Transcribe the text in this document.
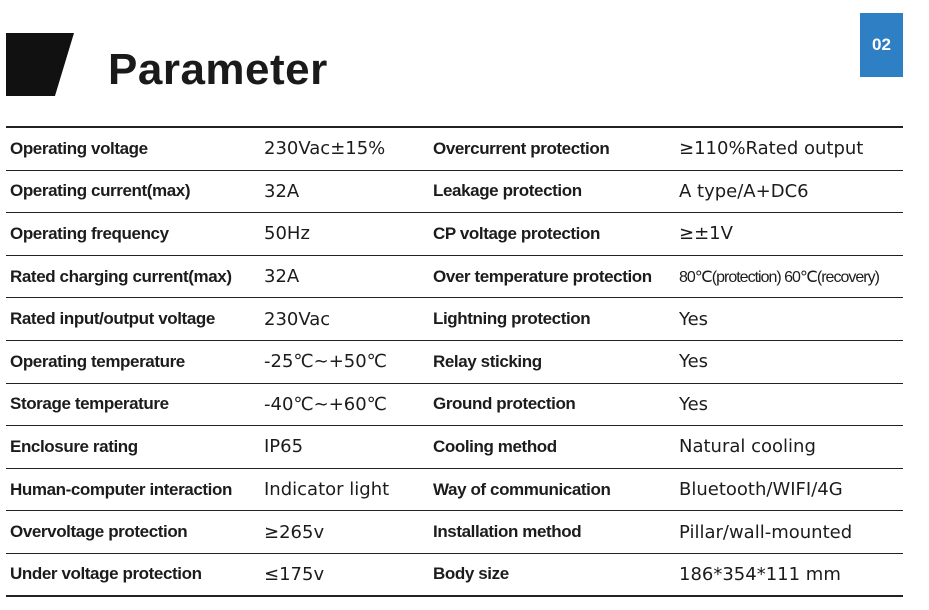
Parameter
02
Operating voltage	230Vac±15%	Overcurrent protection	≥110%Rated output
Operating current(max)	32A	Leakage protection	A type/A+DC6
Operating frequency	50Hz	CP voltage protection	≥±1V
Rated charging current(max)	32A	Over temperature protection	80℃(protection) 60℃(recovery)
Rated input/output voltage	230Vac	Lightning protection	Yes
Operating temperature	-25℃~+50℃	Relay sticking	Yes
Storage temperature	-40℃~+60℃	Ground protection	Yes
Enclosure rating	IP65	Cooling method	Natural cooling
Human-computer interaction	Indicator light	Way of communication	Bluetooth/WIFI/4G
Overvoltage protection	≥265v	Installation method	Pillar/wall-mounted
Under voltage protection	≤175v	Body size	186*354*111 mm
